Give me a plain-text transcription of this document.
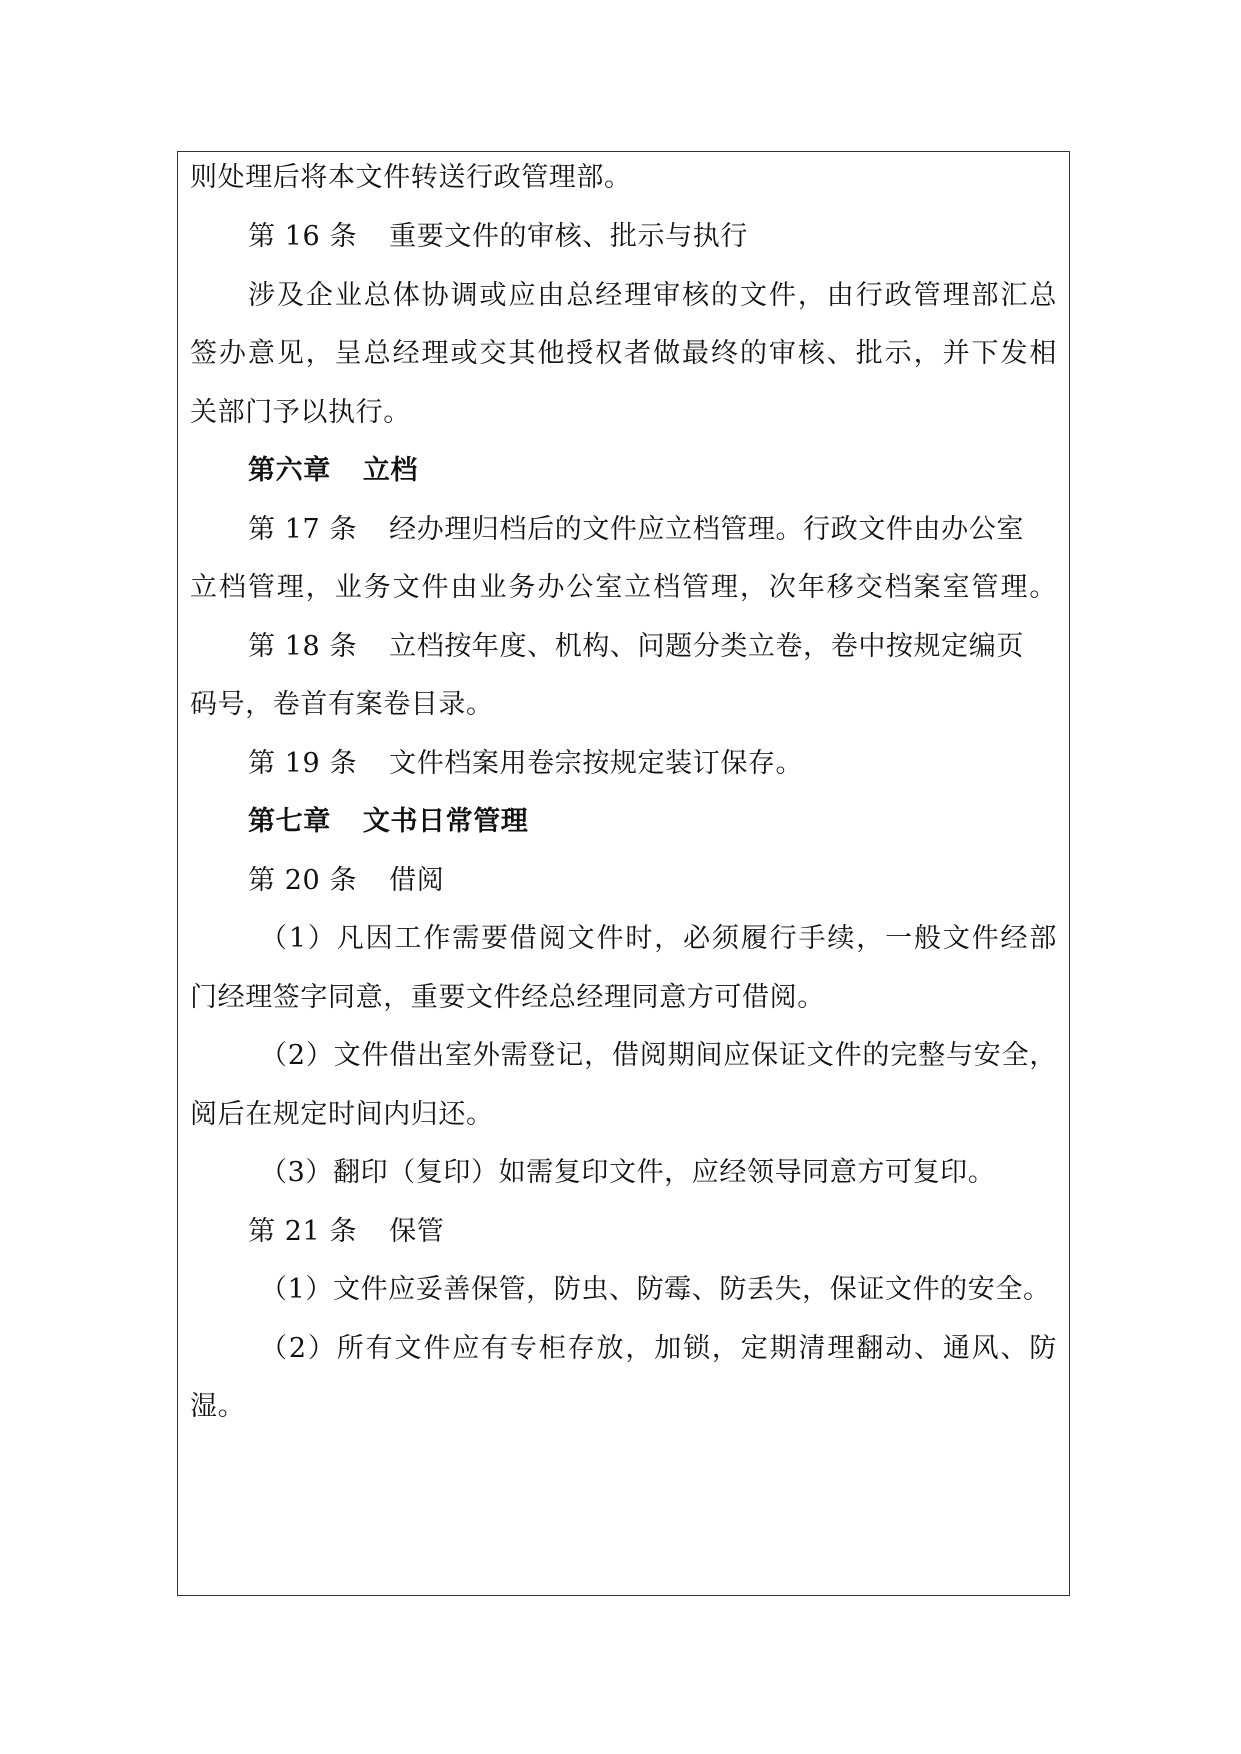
则处理后将本文件转送行政管理部。
第 16 条 重要文件的审核、批示与执行
涉及企业总体协调或应由总经理审核的文件，由行政管理部汇总
签办意见，呈总经理或交其他授权者做最终的审核、批示，并下发相
关部门予以执行。
第六章 立档
第 17 条 经办理归档后的文件应立档管理。行政文件由办公室
立档管理，业务文件由业务办公室立档管理，次年移交档案室管理。
第 18 条 立档按年度、机构、问题分类立卷，卷中按规定编页
码号，卷首有案卷目录。
第 19 条 文件档案用卷宗按规定装订保存。
第七章 文书日常管理
第 20 条 借阅
（1）凡因工作需要借阅文件时，必须履行手续，一般文件经部
门经理签字同意，重要文件经总经理同意方可借阅。
（2）文件借出室外需登记，借阅期间应保证文件的完整与安全，
阅后在规定时间内归还。
（3）翻印（复印）如需复印文件，应经领导同意方可复印。
第 21 条 保管
（1）文件应妥善保管，防虫、防霉、防丢失，保证文件的安全。
（2）所有文件应有专柜存放，加锁，定期清理翻动、通风、防
湿。
